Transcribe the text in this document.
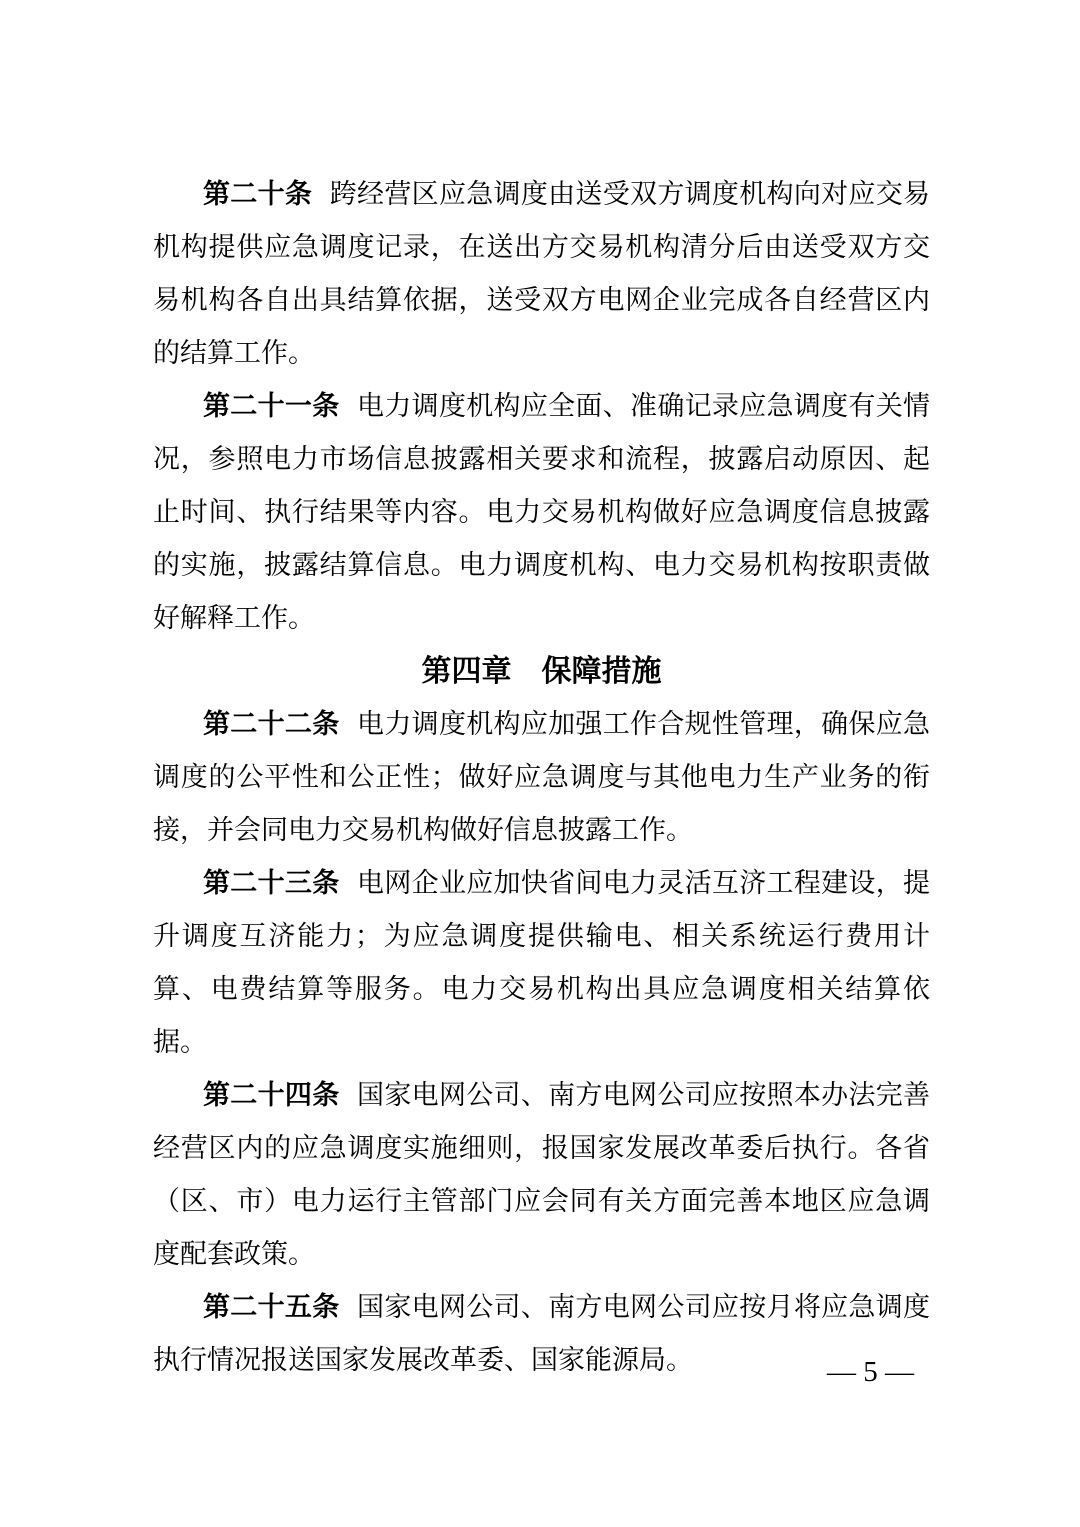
第二十条 跨经营区应急调度由送受双方调度机构向对应交易机构提供应急调度记录，在送出方交易机构清分后由送受双方交易机构各自出具结算依据，送受双方电网企业完成各自经营区内的结算工作。

第二十一条 电力调度机构应全面、准确记录应急调度有关情况，参照电力市场信息披露相关要求和流程，披露启动原因、起止时间、执行结果等内容。电力交易机构做好应急调度信息披露的实施，披露结算信息。电力调度机构、电力交易机构按职责做好解释工作。

第四章　保障措施

第二十二条 电力调度机构应加强工作合规性管理，确保应急调度的公平性和公正性；做好应急调度与其他电力生产业务的衔接，并会同电力交易机构做好信息披露工作。

第二十三条 电网企业应加快省间电力灵活互济工程建设，提升调度互济能力；为应急调度提供输电、相关系统运行费用计算、电费结算等服务。电力交易机构出具应急调度相关结算依据。

第二十四条 国家电网公司、南方电网公司应按照本办法完善经营区内的应急调度实施细则，报国家发展改革委后执行。各省（区、市）电力运行主管部门应会同有关方面完善本地区应急调度配套政策。

第二十五条 国家电网公司、南方电网公司应按月将应急调度执行情况报送国家发展改革委、国家能源局。	— 5 —
